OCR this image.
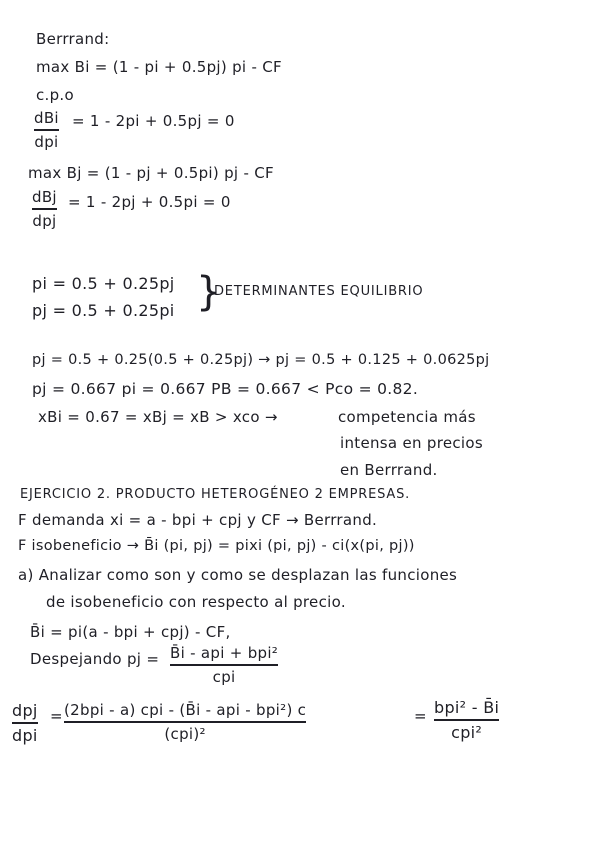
Berrrand:
max Bi = (1 - pi + 0.5pj) pi - CF
c.p.o
dBi
dpi
= 1 - 2pi + 0.5pj = 0
max Bj = (1 - pj + 0.5pi) pj - CF
dBj
dpj
= 1 - 2pj + 0.5pi = 0
pi = 0.5 + 0.25pj
pj = 0.5 + 0.25pi }
DETERMINANTES EQUILIBRIO
pj = 0.5 + 0.25(0.5 + 0.25pj) → pj = 0.5 + 0.125 + 0.0625pj
pj = 0.667 pi = 0.667 PB = 0.667 < Pco = 0.82.
xBi = 0.67 = xBj = xB > xco →	competencia más
intensa en precios
en Berrrand.
EJERCICIO 2. PRODUCTO HETEROGÉNEO 2 EMPRESAS.
F demanda xi = a - bpi + cpj y CF → Berrrand.
F isobeneficio → B̄i (pi, pj) = pixi (pi, pj) - ci(x(pi, pj))
a) Analizar como son y como se desplazan las funciones
de isobeneficio con respecto al precio.
B̄i = pi(a - bpi + cpj) - CF,
Despejando pj = B̄i - api + bpi²
cpi
dpj
dpi
= (2bpi - a) cpi - (B̄i - api - bpi²) c
(cpi)²
= bpi² - B̄i
cpi²
